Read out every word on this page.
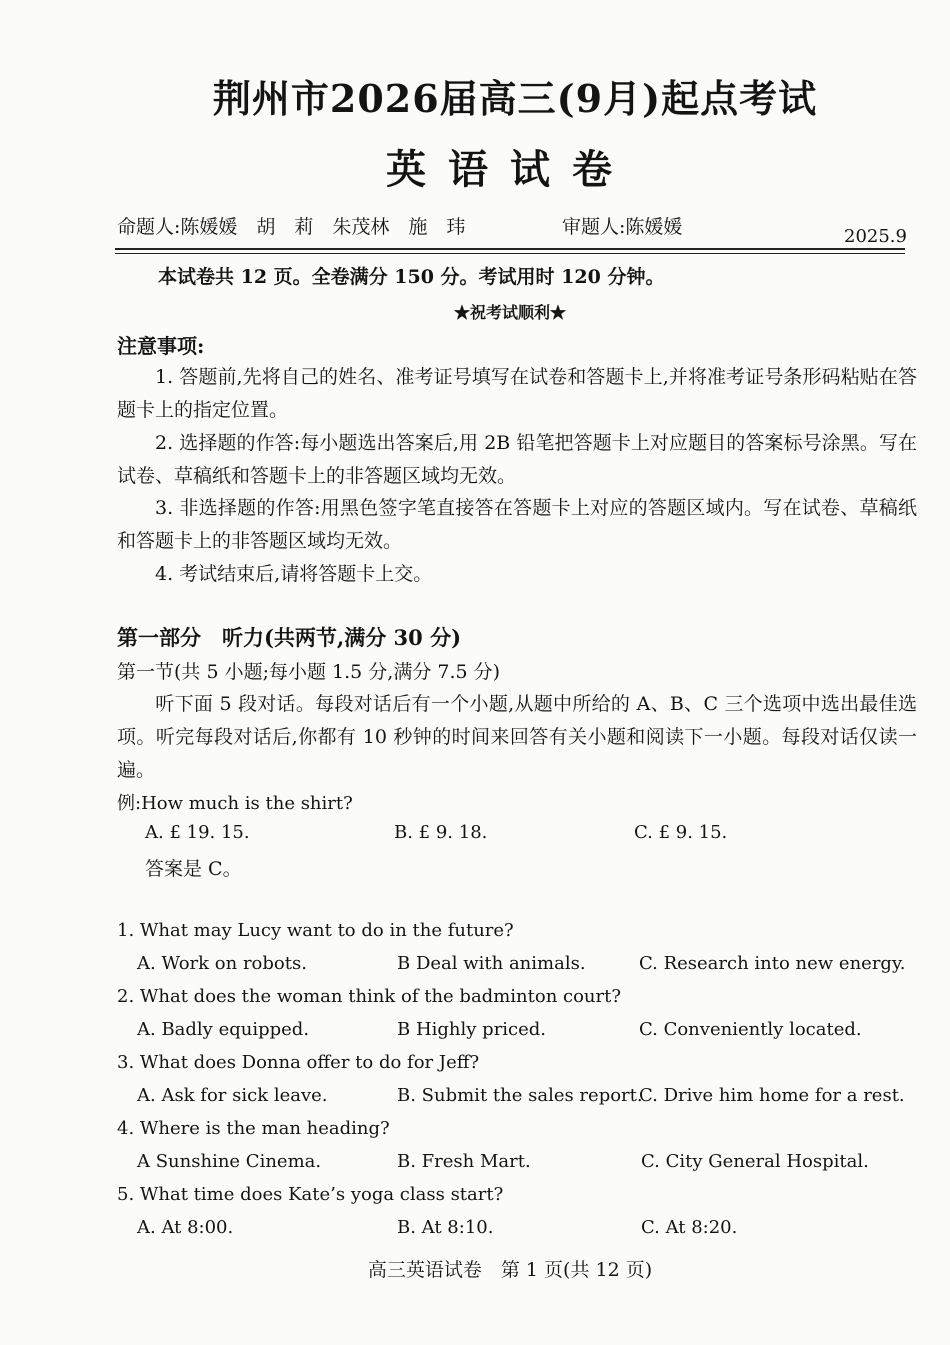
荆州市2026届高三(9月)起点考试
英语试卷
命题人:陈媛媛　胡　莉　朱茂林　施　玮	审题人:陈媛媛	2025.9
本试卷共 12 页。全卷满分 150 分。考试用时 120 分钟。
★祝考试顺利★
注意事项:
1. 答题前,先将自己的姓名、准考证号填写在试卷和答题卡上,并将准考证号条形码粘贴在答题卡上的指定位置。
2. 选择题的作答:每小题选出答案后,用 2B 铅笔把答题卡上对应题目的答案标号涂黑。写在试卷、草稿纸和答题卡上的非答题区域均无效。
3. 非选择题的作答:用黑色签字笔直接答在答题卡上对应的答题区域内。写在试卷、草稿纸和答题卡上的非答题区域均无效。
4. 考试结束后,请将答题卡上交。
第一部分　听力(共两节,满分 30 分)
第一节(共 5 小题;每小题 1.5 分,满分 7.5 分)
听下面 5 段对话。每段对话后有一个小题,从题中所给的 A、B、C 三个选项中选出最佳选项。听完每段对话后,你都有 10 秒钟的时间来回答有关小题和阅读下一小题。每段对话仅读一遍。
例:How much is the shirt?
A. £ 19. 15.	B. £ 9. 18.	C. £ 9. 15.
答案是 C。
1. What may Lucy want to do in the future?
A. Work on robots.	B Deal with animals.	C. Research into new energy.
2. What does the woman think of the badminton court?
A. Badly equipped.	B Highly priced.	C. Conveniently located.
3. What does Donna offer to do for Jeff?
A. Ask for sick leave.	B. Submit the sales report.
C. Drive him home for a rest.
4. Where is the man heading?
A Sunshine Cinema.	B. Fresh Mart.	C. City General Hospital.
5. What time does Kate’s yoga class start?
A. At 8:00.	B. At 8:10.	C. At 8:20.
高三英语试卷　第 1 页(共 12 页)
